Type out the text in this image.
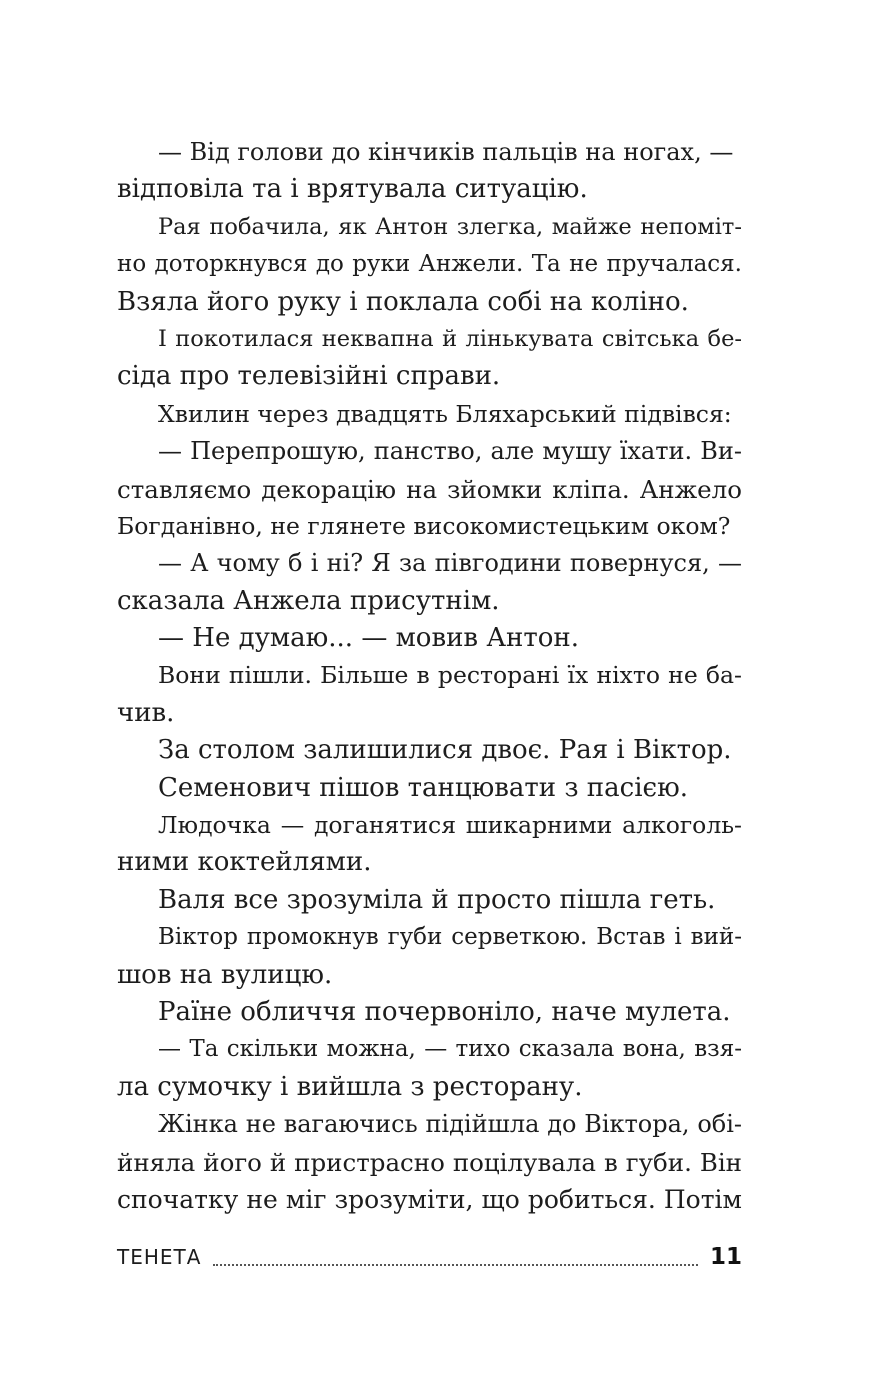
— Від голови до кінчиків пальців на ногах, —
відповіла та і врятувала ситуацію.
Рая побачила, як Антон злегка, майже непоміт-
но доторкнувся до руки Анжели. Та не пручалася.
Взяла його руку і поклала собі на коліно.
І покотилася неквапна й лінькувата світська бе-
сіда про телевізійні справи.
Хвилин через двадцять Бляхарський підвівся:
— Перепрошую, панство, але мушу їхати. Ви-
ставляємо декорацію на зйомки кліпа. Анжело
Богданівно, не глянете високомистецьким оком?
— А чому б і ні? Я за півгодини повернуся, —
сказала Анжела присутнім.
— Не думаю... — мовив Антон.
Вони пішли. Більше в ресторані їх ніхто не ба-
чив.
За столом залишилися двоє. Рая і Віктор.
Семенович пішов танцювати з пасією.
Людочка — доганятися шикарними алкоголь-
ними коктейлями.
Валя все зрозуміла й просто пішла геть.
Віктор промокнув губи серветкою. Встав і вий-
шов на вулицю.
Раїне обличчя почервоніло, наче мулета.
— Та скільки можна, — тихо сказала вона, взя-
ла сумочку і вийшла з ресторану.
Жінка не вагаючись підійшла до Віктора, обі-
йняла його й пристрасно поцілувала в губи. Він
спочатку не міг зрозуміти, що робиться. Потім
ТЕНЕТА	11
